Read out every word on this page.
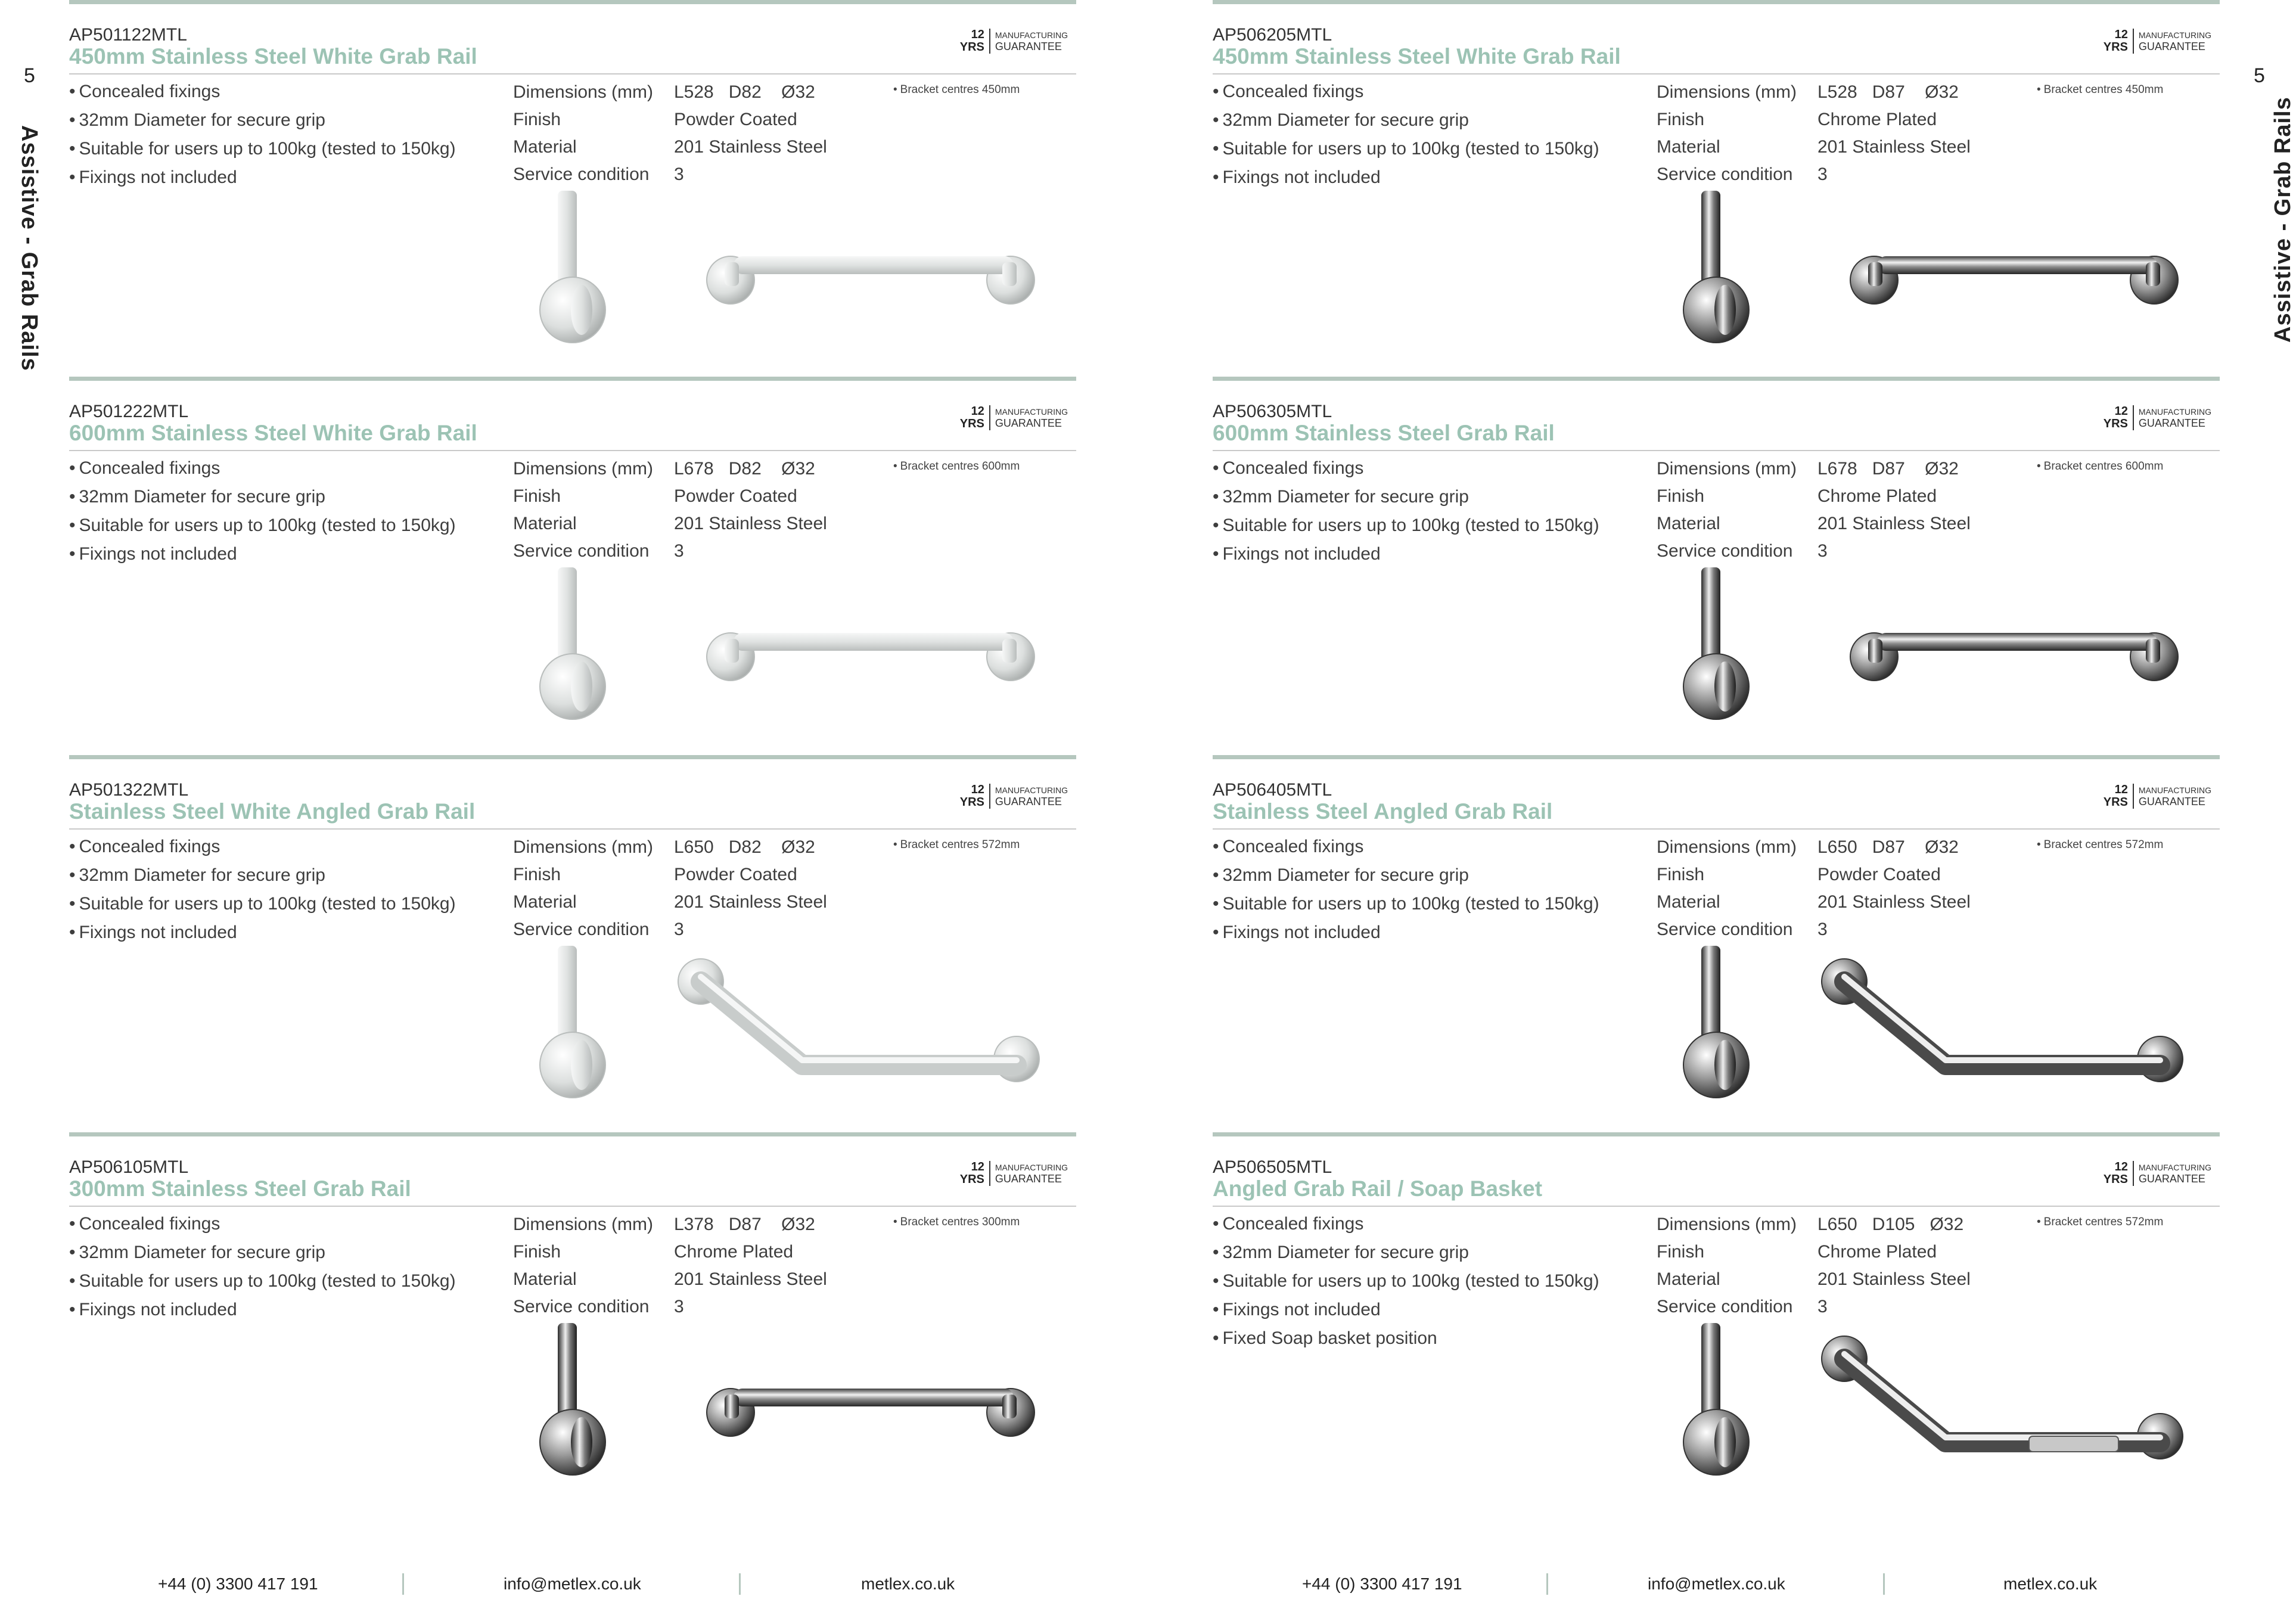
5	5
Assistive - Grab Rails	Assistive - Grab Rails
AP501122MTL
450mm Stainless Steel White Grab Rail
12
YRS
MANUFACTURING
GUARANTEE
• Concealed fixings
• 32mm Diameter for secure grip
• Suitable for users up to 100kg (tested to 150kg)
• Fixings not included
Dimensions (mm)	L528   D82    Ø32
Finish	Powder Coated
Material	201 Stainless Steel
Service condition	3
• Bracket centres 450mm
AP501222MTL
600mm Stainless Steel White Grab Rail
12
YRS
MANUFACTURING
GUARANTEE
• Concealed fixings
• 32mm Diameter for secure grip
• Suitable for users up to 100kg (tested to 150kg)
• Fixings not included
Dimensions (mm)	L678   D82    Ø32
Finish	Powder Coated
Material	201 Stainless Steel
Service condition	3
• Bracket centres 600mm
AP501322MTL
Stainless Steel White Angled Grab Rail
12
YRS
MANUFACTURING
GUARANTEE
• Concealed fixings
• 32mm Diameter for secure grip
• Suitable for users up to 100kg (tested to 150kg)
• Fixings not included
Dimensions (mm)	L650   D82    Ø32
Finish	Powder Coated
Material	201 Stainless Steel
Service condition	3
• Bracket centres 572mm
AP506105MTL
300mm Stainless Steel Grab Rail
12
YRS
MANUFACTURING
GUARANTEE
• Concealed fixings
• 32mm Diameter for secure grip
• Suitable for users up to 100kg (tested to 150kg)
• Fixings not included
Dimensions (mm)	L378   D87    Ø32
Finish	Chrome Plated
Material	201 Stainless Steel
Service condition	3
• Bracket centres 300mm
AP506205MTL
450mm Stainless Steel White Grab Rail
12
YRS
MANUFACTURING
GUARANTEE
• Concealed fixings
• 32mm Diameter for secure grip
• Suitable for users up to 100kg (tested to 150kg)
• Fixings not included
Dimensions (mm)	L528   D87    Ø32
Finish	Chrome Plated
Material	201 Stainless Steel
Service condition	3
• Bracket centres 450mm
AP506305MTL
600mm Stainless Steel Grab Rail
12
YRS
MANUFACTURING
GUARANTEE
• Concealed fixings
• 32mm Diameter for secure grip
• Suitable for users up to 100kg (tested to 150kg)
• Fixings not included
Dimensions (mm)	L678   D87    Ø32
Finish	Chrome Plated
Material	201 Stainless Steel
Service condition	3
• Bracket centres 600mm
AP506405MTL
Stainless Steel Angled Grab Rail
12
YRS
MANUFACTURING
GUARANTEE
• Concealed fixings
• 32mm Diameter for secure grip
• Suitable for users up to 100kg (tested to 150kg)
• Fixings not included
Dimensions (mm)	L650   D87    Ø32
Finish	Powder Coated
Material	201 Stainless Steel
Service condition	3
• Bracket centres 572mm
AP506505MTL
Angled Grab Rail / Soap Basket
12
YRS
MANUFACTURING
GUARANTEE
• Concealed fixings
• 32mm Diameter for secure grip
• Suitable for users up to 100kg (tested to 150kg)
• Fixings not included
• Fixed Soap basket position
Dimensions (mm)	L650   D105   Ø32
Finish	Chrome Plated
Material	201 Stainless Steel
Service condition	3
• Bracket centres 572mm
+44 (0) 3300 417 191	info@metlex.co.uk	metlex.co.uk	+44 (0) 3300 417 191	info@metlex.co.uk	metlex.co.uk
